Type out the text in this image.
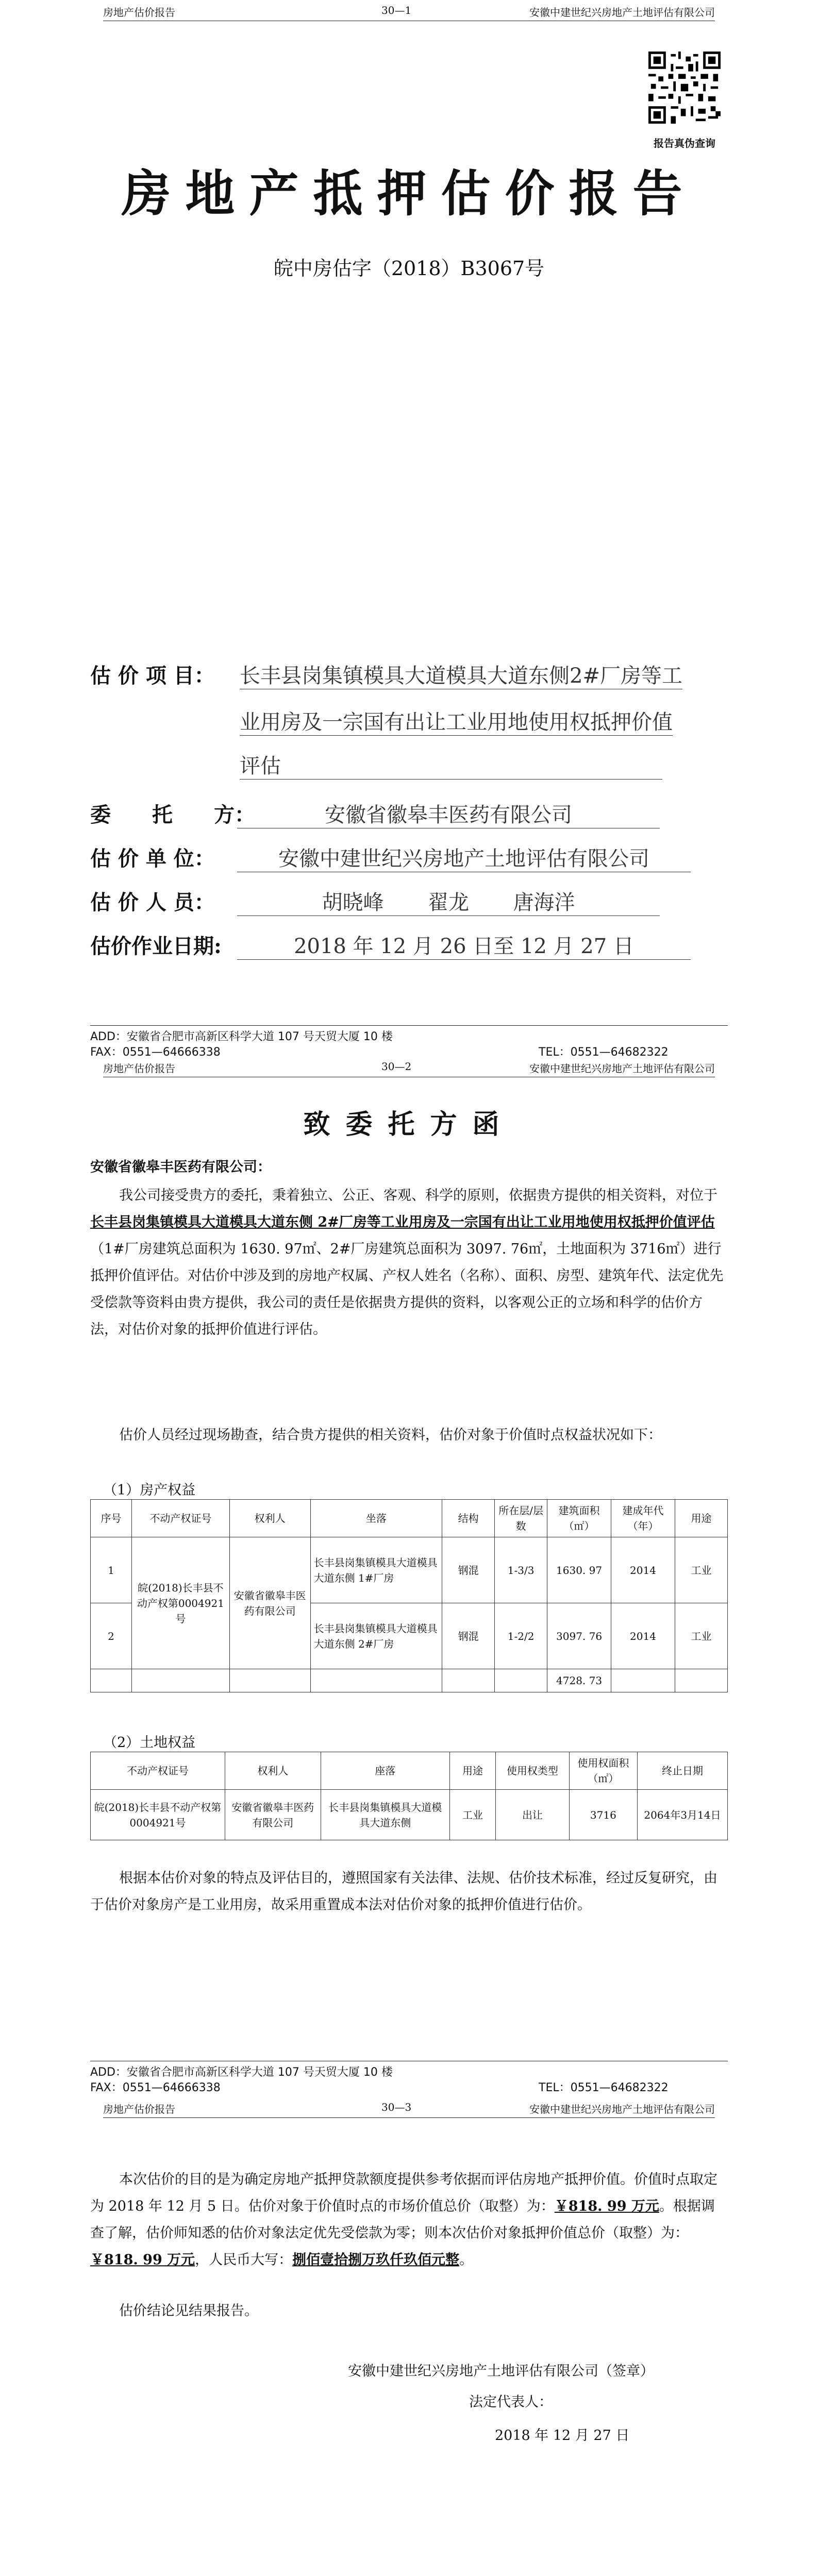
房地产估价报告	30—1	安徽中建世纪兴房地产土地评估有限公司
报告真伪查询
房地产抵押估价报告
皖中房估字（2018）B3067号
估 价 项 目： 长丰县岗集镇模具大道模具大道东侧2#厂房等工
业用房及一宗国有出让工业用地使用权抵押价值
评估
委　　托　　方：	安徽省徽皋丰医药有限公司
估 价 单 位：	安徽中建世纪兴房地产土地评估有限公司
估 价 人 员：	胡晓峰 翟龙 唐海洋
估价作业日期:	2018 年 12 月 26 日至 12 月 27 日
ADD：安徽省合肥市高新区科学大道 107 号天贸大厦 10 楼
FAX：0551—64666338	TEL：0551—64682322
房地产估价报告	30—2	安徽中建世纪兴房地产土地评估有限公司
致委托方函
安徽省徽皋丰医药有限公司：

我公司接受贵方的委托，秉着独立、公正、客观、科学的原则，依据贵方提供的相关资料，对位于长丰县岗集镇模具大道模具大道东侧 2#厂房等工业用房及一宗国有出让工业用地使用权抵押价值评估（1#厂房建筑总面积为 1630. 97㎡、2#厂房建筑总面积为 3097. 76㎡，土地面积为 3716㎡）进行抵押价值评估。对估价中涉及到的房地产权属、产权人姓名（名称）、面积、房型、建筑年代、法定优先受偿款等资料由贵方提供，我公司的责任是依据贵方提供的资料，以客观公正的立场和科学的估价方法，对估价对象的抵押价值进行评估。

估价人员经过现场勘查，结合贵方提供的相关资料，估价对象于价值时点权益状况如下：

（1）房产权益
序号	不动产权证号	权利人	坐落	结构	所在层/层数	建筑面积（㎡）	建成年代（年）	用途
1	皖(2018)长丰县不动产权第0004921号	安徽省徽皋丰医药有限公司	长丰县岗集镇模具大道模具大道东侧 1#厂房	钢混	1-3/3	1630. 97	2014	工业
2			长丰县岗集镇模具大道模具大道东侧 2#厂房	钢混	1-2/2	3097. 76	2014	工业
						4728. 73		
（2）土地权益
不动产权证号	权利人	座落	用途	使用权类型	使用权面积（㎡）	终止日期
皖(2018)长丰县不动产权第0004921号	安徽省徽皋丰医药有限公司	长丰县岗集镇模具大道模具大道东侧	工业	出让	3716	2064年3月14日

根据本估价对象的特点及评估目的，遵照国家有关法律、法规、估价技术标准，经过反复研究，由于估价对象房产是工业用房，故采用重置成本法对估价对象的抵押价值进行估价。

ADD：安徽省合肥市高新区科学大道 107 号天贸大厦 10 楼
FAX：0551—64666338	TEL：0551—64682322
房地产估价报告	30—3	安徽中建世纪兴房地产土地评估有限公司

本次估价的目的是为确定房地产抵押贷款额度提供参考依据而评估房地产抵押价值。价值时点取定为 2018 年 12 月 5 日。估价对象于价值时点的市场价值总价（取整）为：￥818. 99 万元。根据调查了解，估价师知悉的估价对象法定优先受偿款为零；则本次估价对象抵押价值总价（取整）为：￥818. 99 万元，人民币大写：捌佰壹拾捌万玖仟玖佰元整。

估价结论见结果报告。

安徽中建世纪兴房地产土地评估有限公司（签章）
法定代表人：
2018 年 12 月 27 日
